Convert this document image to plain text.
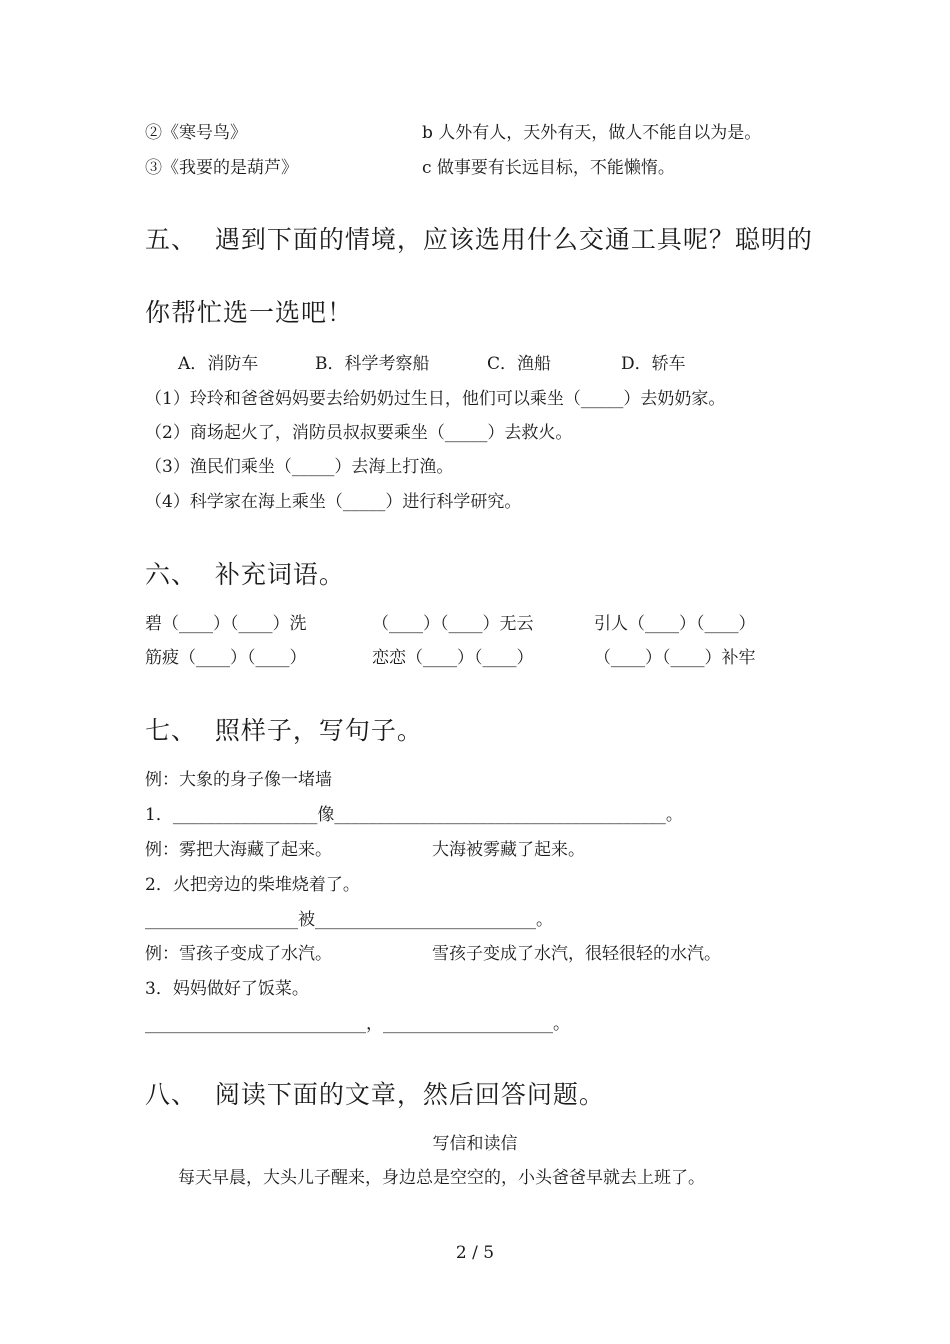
②《寒号鸟》	b 人外有人，天外有天，做人不能自以为是。
③《我要的是葫芦》	c 做事要有长远目标，不能懒惰。
五、  遇到下面的情境，应该选用什么交通工具呢？聪明的
你帮忙选一选吧！
A．消防车	B．科学考察船	C．渔船	D．轿车
（1）玲玲和爸爸妈妈要去给奶奶过生日，他们可以乘坐（_____）去奶奶家。
（2）商场起火了，消防员叔叔要乘坐（_____）去救火。
（3）渔民们乘坐（_____）去海上打渔。
（4）科学家在海上乘坐（_____）进行科学研究。
六、  补充词语。
碧（____）（____）洗	（____）（____）无云	引人（____）（____）
筋疲（____）（____）	恋恋（____）（____）	（____）（____）补牢
七、  照样子，写句子。
例：大象的身子像一堵墙
1．_________________像_______________________________________。
例：雾把大海藏了起来。	大海被雾藏了起来。
2．火把旁边的柴堆烧着了。
__________________被__________________________。
例：雪孩子变成了水汽。	雪孩子变成了水汽，很轻很轻的水汽。
3．妈妈做好了饭菜。
__________________________，____________________。
八、  阅读下面的文章，然后回答问题。
写信和读信
每天早晨，大头儿子醒来，身边总是空空的，小头爸爸早就去上班了。
2 / 5
